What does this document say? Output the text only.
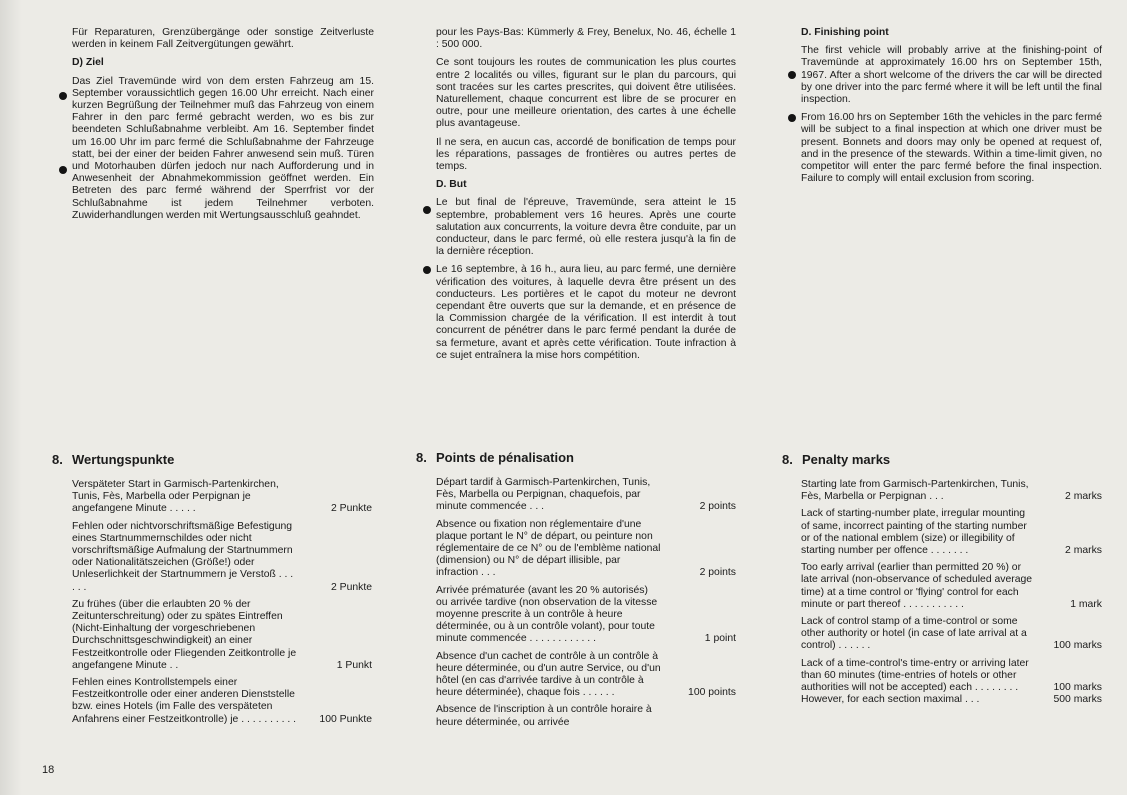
Für Reparaturen, Grenzübergänge oder sonstige Zeitverluste werden in keinem Fall Zeitvergütungen gewährt.

D) Ziel

Das Ziel Travemünde wird von dem ersten Fahrzeug am 15. September voraussichtlich gegen 16.00 Uhr erreicht. Nach einer kurzen Begrüßung der Teilnehmer muß das Fahrzeug von einem Fahrer in den parc fermé gebracht werden, wo es bis zur beendeten Schlußabnahme verbleibt. Am 16. September findet um 16.00 Uhr im parc fermé die Schlußabnahme der Fahrzeuge statt, bei der einer der beiden Fahrer anwesend sein muß. Türen und Motorhauben dürfen jedoch nur nach Aufforderung und in Anwesenheit der Abnahmekommission geöffnet werden. Ein Betreten des parc fermé während der Sperrfrist vor der Schlußabnahme ist jedem Teilnehmer verboten. Zuwiderhandlungen werden mit Wertungsausschluß geahndet.

pour les Pays-Bas: Kümmerly & Frey, Benelux, No. 46, échelle 1 : 500 000.

Ce sont toujours les routes de communication les plus courtes entre 2 localités ou villes, figurant sur le plan du parcours, qui sont tracées sur les cartes prescrites, qui doivent être utilisées. Naturellement, chaque concurrent est libre de se procurer en outre, pour une meilleure orientation, des cartes à une échelle plus avantageuse.

Il ne sera, en aucun cas, accordé de bonification de temps pour les réparations, passages de frontières ou autres pertes de temps.

D. But

Le but final de l'épreuve, Travemünde, sera atteint le 15 septembre, probablement vers 16 heures. Après une courte salutation aux concurrents, la voiture devra être conduite, par un conducteur, dans le parc fermé, où elle restera jusqu'à la fin de la dernière réception.

Le 16 septembre, à 16 h., aura lieu, au parc fermé, une dernière vérification des voitures, à laquelle devra être présent un des conducteurs. Les portières et le capot du moteur ne devront cependant être ouverts que sur la demande, et en présence de la Commission chargée de la vérification. Il est interdit à tout concurrent de pénétrer dans le parc fermé pendant la durée de sa fermeture, avant et après cette vérification. Toute infraction à ce sujet entraînera la mise hors compétition.

D. Finishing point

The first vehicle will probably arrive at the finishing-point of Travemünde at approximately 16.00 hrs on September 15th, 1967. After a short welcome of the drivers the car will be directed by one driver into the parc fermé where it will be left until the final inspection.

From 16.00 hrs on September 16th the vehicles in the parc fermé will be subject to a final inspection at which one driver must be present. Bonnets and doors may only be opened at request of, and in the presence of the stewards. Within a time-limit given, no competitor will enter the parc fermé before the final inspection. Failure to comply will entail exclusion from scoring.

8. Wertungspunkte	8. Points de pénalisation	8. Penalty marks
Verspäteter Start in Garmisch-Partenkirchen, Tunis, Fès, Marbella oder Perpignan je angefangene Minute . . . . .	2 Punkte
Fehlen oder nichtvorschriftsmäßige Befestigung eines Startnummernschildes oder nicht vorschriftsmäßige Aufmalung der Startnummern oder Nationalitätszeichen (Größe!) oder Unleserlichkeit der Startnummern je Verstoß . . . . . .	2 Punkte
Zu frühes (über die erlaubten 20 % der Zeitunterschreitung) oder zu spätes Eintreffen (Nicht-Einhaltung der vorgeschriebenen Durchschnittsgeschwindigkeit) an einer Festzeitkontrolle oder Fliegenden Zeitkontrolle je angefangene Minute . .	1 Punkt
Fehlen eines Kontrollstempels einer Festzeitkontrolle oder einer anderen Dienststelle bzw. eines Hotels (im Falle des verspäteten Anfahrens einer Festzeitkontrolle) je . . . . . . . . . . 100 Punkte
Départ tardif à Garmisch-Partenkirchen, Tunis, Fès, Marbella ou Perpignan, chaquefois, par minute commencée . . .	2 points
Absence ou fixation non réglementaire d'une plaque portant le N° de départ, ou peinture non réglementaire de ce N° ou de l'emblème national (dimension) ou N° de départ illisible, par infraction . . .	2 points
Arrivée prématurée (avant les 20 % autorisés) ou arrivée tardive (non observation de la vitesse moyenne prescrite à un contrôle à heure déterminée, ou à un contrôle volant), pour toute minute commencée . . . . . . . . . . . .	1 point
Absence d'un cachet de contrôle à un contrôle à heure déterminée, ou d'un autre Service, ou d'un hôtel (en cas d'arrivée tardive à un contrôle à heure déterminée), chaque fois . . . . . .	100 points
Absence de l'inscription à un contrôle horaire à heure déterminée, ou arrivée
Starting late from Garmisch-Partenkirchen, Tunis, Fès, Marbella or Perpignan . . .	2 marks
Lack of starting-number plate, irregular mounting of same, incorrect painting of the starting number or of the national emblem (size) or illegibility of starting number per offence . . . . . . .	2 marks
Too early arrival (earlier than permitted 20 %) or late arrival (non-observance of scheduled average time) at a time control or 'flying' control for each minute or part thereof . . . . . . . . . . .	1 mark
Lack of control stamp of a time-control or some other authority or hotel (in case of late arrival at a control) . . . . . .	100 marks
Lack of a time-control's time-entry or arriving later than 60 minutes (time-entries of hotels or other authorities will not be accepted) each . . . . . . . .	100 marks
However, for each section maximal . . .	500 marks
18
